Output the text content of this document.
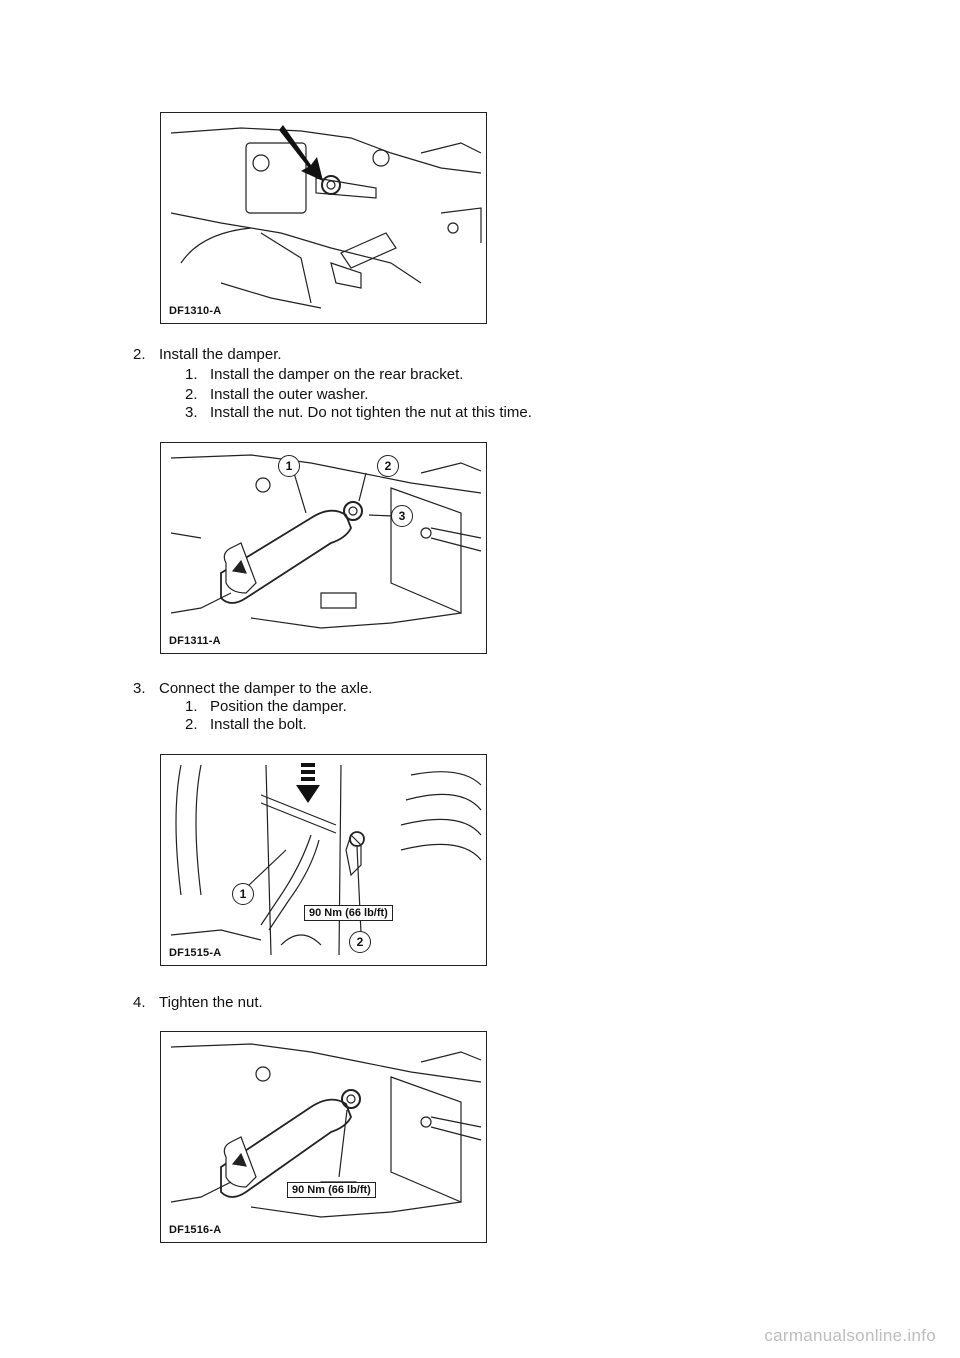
DF1310-A
2. Install the damper.
1. Install the damper on the rear bracket.
2. Install the outer washer.
3. Install the nut. Do not tighten the nut at this time.
1	2
3
DF1311-A
3. Connect the damper to the axle.
1. Position the damper.
2. Install the bolt.
1
2
90 Nm (66 lb/ft)
DF1515-A
4. Tighten the nut.
90 Nm (66 lb/ft)
DF1516-A
carmanualsonline.info
